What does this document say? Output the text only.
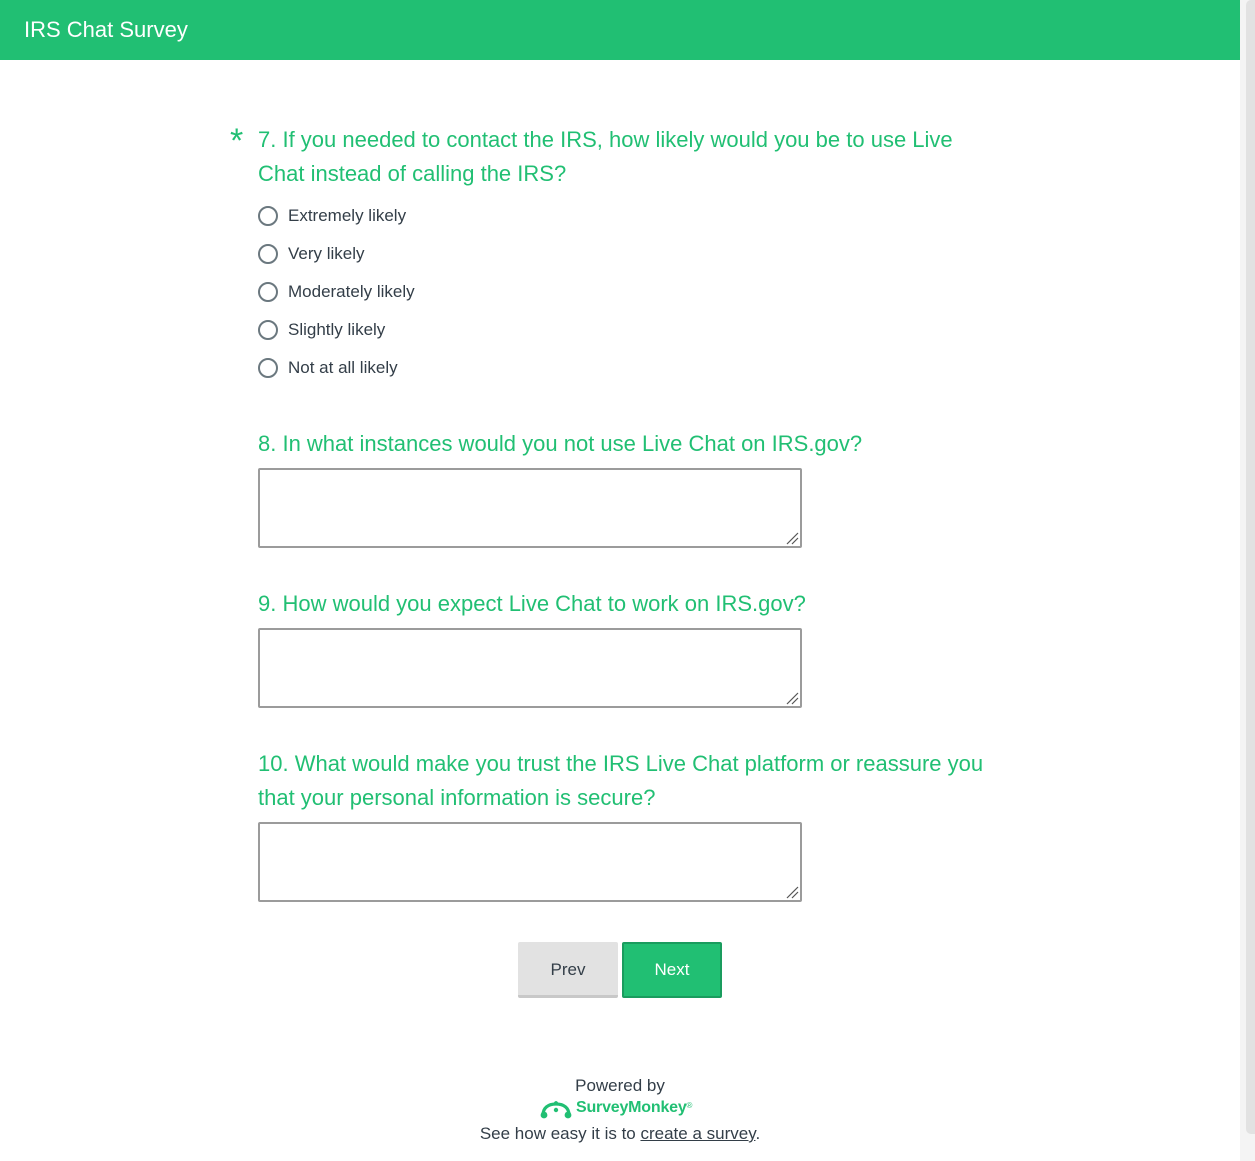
IRS Chat Survey
* 7. If you needed to contact the IRS, how likely would you be to use Live Chat instead of calling the IRS?
Extremely likely
Very likely
Moderately likely
Slightly likely
Not at all likely
8. In what instances would you not use Live Chat on IRS.gov?
9. How would you expect Live Chat to work on IRS.gov?
10. What would make you trust the IRS Live Chat platform or reassure you that your personal information is secure?
Prev	Next
Powered by
SurveyMonkey ®
See how easy it is to create a survey.
